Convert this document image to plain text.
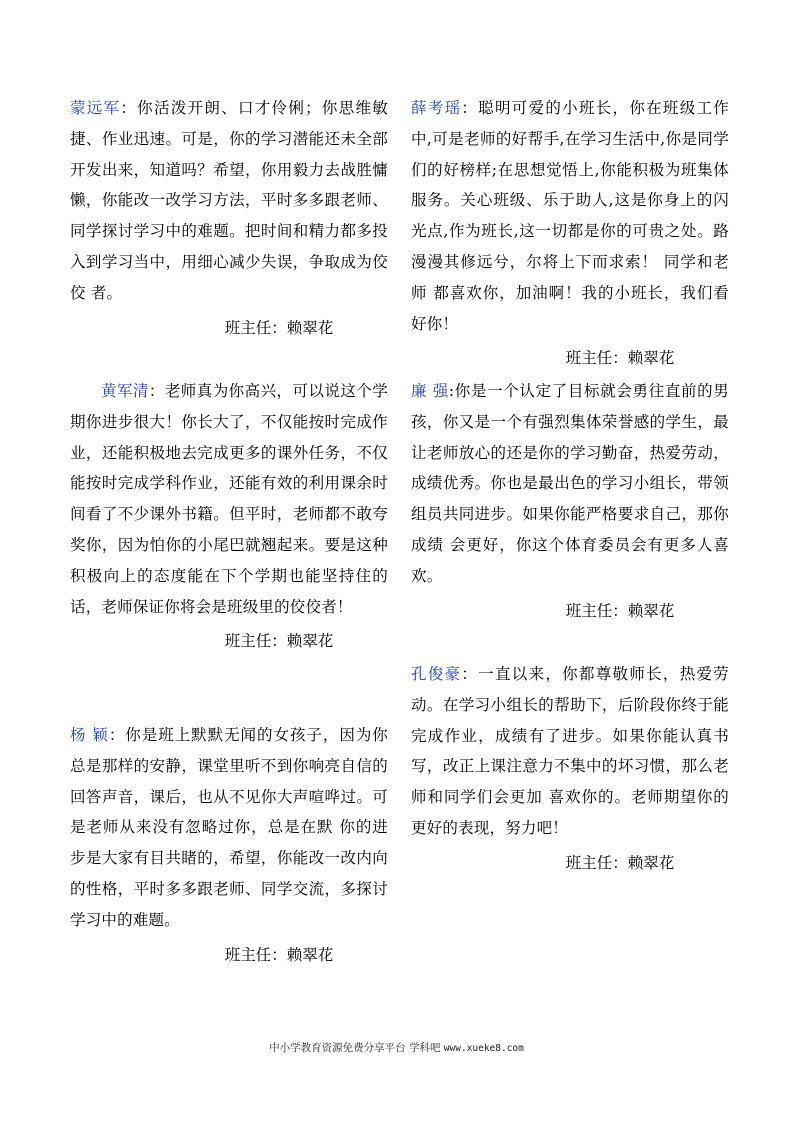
蒙远军：你活泼开朗、口才伶俐；你思维敏捷、作业迅速。可是，你的学习潜能还未全部开发出来，知道吗？希望，你用毅力去战胜慵懒，你能改一改学习方法，平时多多跟老师、同学探讨学习中的难题。把时间和精力都多投入到学习当中，用细心减少失误，争取成为佼佼 者。

班主任：赖翠花

黄军清：老师真为你高兴，可以说这个学期你进步很大！你长大了，不仅能按时完成作业，还能积极地去完成更多的课外任务，不仅能按时完成学科作业，还能有效的利用课余时间看了不少课外书籍。但平时，老师都不敢夸奖你，因为怕你的小尾巴就翘起来。要是这种 积极向上的态度能在下个学期也能坚持住的话，老师保证你将会是班级里的佼佼者！

班主任：赖翠花

杨 颖：你是班上默默无闻的女孩子，因为你总是那样的安静，课堂里听不到你响亮自信的回答声音，课后，也从不见你大声喧哗过。可是老师从来没有忽略过你，总是在默 你的进步是大家有目共睹的，希望，你能改一改内向 的性格，平时多多跟老师、同学交流，多探讨学习中的难题。

班主任：赖翠花

薛考瑶：聪明可爱的小班长，你在班级工作中,可是老师的好帮手,在学习生活中,你是同学们的好榜样;在思想觉悟上,你能积极为班集体服务。关心班级、乐于助人,这是你身上的闪光点,作为班长,这一切都是你的可贵之处。路漫漫其修远兮，尔将上下而求索！ 同学和老师 都喜欢你，加油啊！我的小班长，我们看好你！

班主任：赖翠花

廉 强:你是一个认定了目标就会勇往直前的男孩，你又是一个有强烈集体荣誉感的学生，最让老师放心的还是你的学习勤奋，热爱劳动，成绩优秀。你也是最出色的学习小组长，带领组员共同进步。如果你能严格要求自己，那你成绩 会更好，你这个体育委员会有更多人喜欢。

班主任：赖翠花

孔俊豪：一直以来，你都尊敬师长，热爱劳动。在学习小组长的帮助下，后阶段你终于能完成作业，成绩有了进步。如果你能认真书写，改正上课注意力不集中的坏习惯，那么老师和同学们会更加 喜欢你的。老师期望你的更好的表现，努力吧！

班主任：赖翠花

中小学教育资源免费分享平台 学科吧 www.xueke8.com
